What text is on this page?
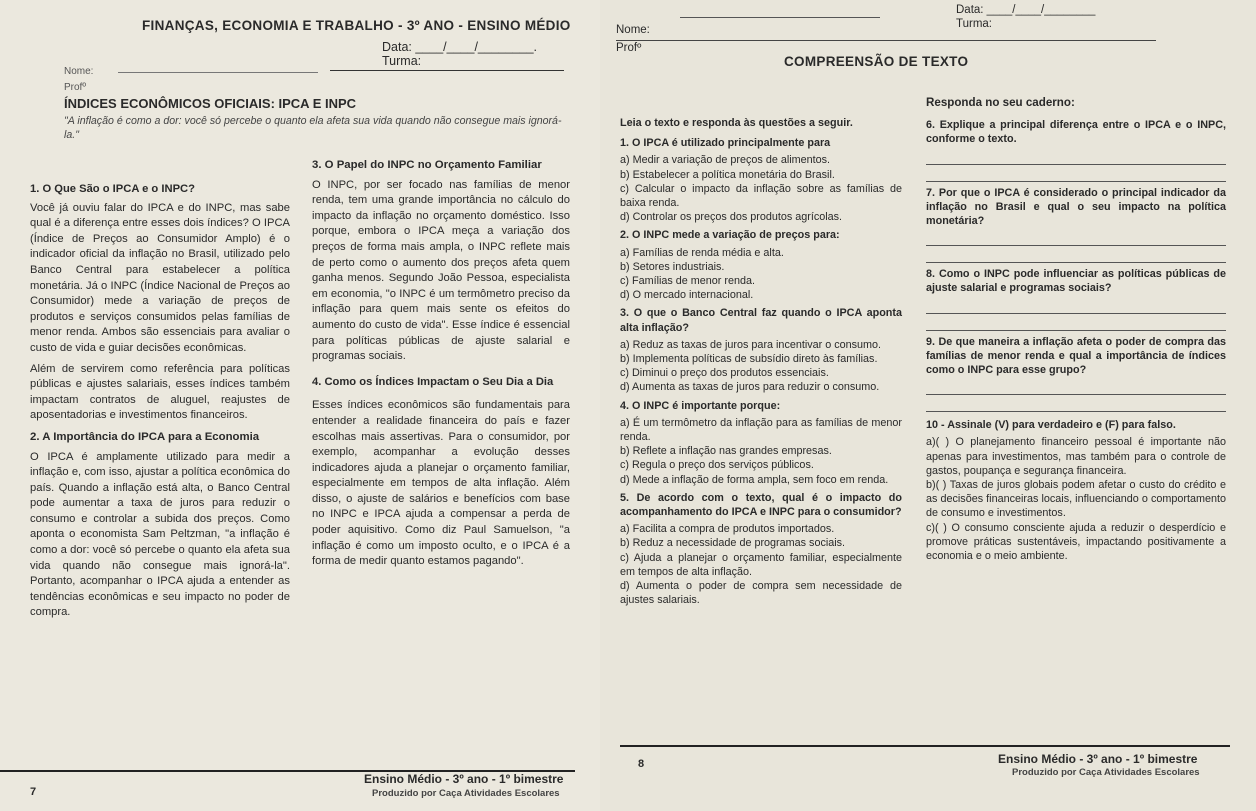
FINANÇAS, ECONOMIA E TRABALHO - 3º ANO - ENSINO MÉDIO
Data: ____/____/________.
Turma:
Nome:
Profº
ÍNDICES ECONÔMICOS OFICIAIS: IPCA E INPC
"A inflação é como a dor: você só percebe o quanto ela afeta sua vida quando não consegue mais ignorá-la."
1. O Que São o IPCA e o INPC?

Você já ouviu falar do IPCA e do INPC, mas sabe qual é a diferença entre esses dois índices? O IPCA (Índice de Preços ao Consumidor Amplo) é o indicador oficial da inflação no Brasil, utilizado pelo Banco Central para estabelecer a política monetária. Já o INPC (Índice Nacional de Preços ao Consumidor) mede a variação de preços de produtos e serviços consumidos pelas famílias de menor renda. Ambos são essenciais para avaliar o custo de vida e guiar decisões econômicas.

Além de servirem como referência para políticas públicas e ajustes salariais, esses índices também impactam contratos de aluguel, reajustes de aposentadorias e investimentos financeiros.

2. A Importância do IPCA para a Economia

O IPCA é amplamente utilizado para medir a inflação e, com isso, ajustar a política econômica do país. Quando a inflação está alta, o Banco Central pode aumentar a taxa de juros para reduzir o consumo e controlar a subida dos preços. Como aponta o economista Sam Peltzman, "a inflação é como a dor: você só percebe o quanto ela afeta sua vida quando não consegue mais ignorá-la". Portanto, acompanhar o IPCA ajuda a entender as tendências econômicas e seu impacto no poder de compra.

3. O Papel do INPC no Orçamento Familiar

O INPC, por ser focado nas famílias de menor renda, tem uma grande importância no cálculo do impacto da inflação no orçamento doméstico. Isso porque, embora o IPCA meça a variação dos preços de forma mais ampla, o INPC reflete mais de perto como o aumento dos preços afeta quem ganha menos. Segundo João Pessoa, especialista em economia, "o INPC é um termômetro preciso da inflação para quem mais sente os efeitos do aumento do custo de vida". Esse índice é essencial para políticas públicas de ajuste salarial e programas sociais.

4. Como os Índices Impactam o Seu Dia a Dia

Esses índices econômicos são fundamentais para entender a realidade financeira do país e fazer escolhas mais assertivas. Para o consumidor, por exemplo, acompanhar a evolução desses indicadores ajuda a planejar o orçamento familiar, especialmente em tempos de alta inflação. Além disso, o ajuste de salários e benefícios com base no INPC e IPCA ajuda a compensar a perda de poder aquisitivo. Como diz Paul Samuelson, "a inflação é como um imposto oculto, e o IPCA é a forma de medir quanto estamos pagando".

7
Ensino Médio - 3º ano - 1º bimestre
Produzido por Caça Atividades Escolares
Data: ____/____/________
Nome:	Turma:
Profº
COMPREENSÃO DE TEXTO
Leia o texto e responda às questões a seguir.
1. O IPCA é utilizado principalmente para
a) Medir a variação de preços de alimentos.
b) Estabelecer a política monetária do Brasil.
c) Calcular o impacto da inflação sobre as famílias de baixa renda.
d) Controlar os preços dos produtos agrícolas.
2. O INPC mede a variação de preços para:
a) Famílias de renda média e alta.
b) Setores industriais.
c) Famílias de menor renda.
d) O mercado internacional.
3. O que o Banco Central faz quando o IPCA aponta alta inflação?
a) Reduz as taxas de juros para incentivar o consumo.
b) Implementa políticas de subsídio direto às famílias.
c) Diminui o preço dos produtos essenciais.
d) Aumenta as taxas de juros para reduzir o consumo.
4. O INPC é importante porque:
a) É um termômetro da inflação para as famílias de menor renda.
b) Reflete a inflação nas grandes empresas.
c) Regula o preço dos serviços públicos.
d) Mede a inflação de forma ampla, sem foco em renda.
5. De acordo com o texto, qual é o impacto do acompanhamento do IPCA e INPC para o consumidor?
a) Facilita a compra de produtos importados.
b) Reduz a necessidade de programas sociais.
c) Ajuda a planejar o orçamento familiar, especialmente em tempos de alta inflação.
d) Aumenta o poder de compra sem necessidade de ajustes salariais.
Responda no seu caderno:
6. Explique a principal diferença entre o IPCA e o INPC, conforme o texto.
7. Por que o IPCA é considerado o principal indicador da inflação no Brasil e qual o seu impacto na política monetária?
8. Como o INPC pode influenciar as políticas públicas de ajuste salarial e programas sociais?
9. De que maneira a inflação afeta o poder de compra das famílias de menor renda e qual a importância de índices como o INPC para esse grupo?
10 - Assinale (V) para verdadeiro e (F) para falso.
a)( ) O planejamento financeiro pessoal é importante não apenas para investimentos, mas também para o controle de gastos, poupança e segurança financeira.
b)( ) Taxas de juros globais podem afetar o custo do crédito e as decisões financeiras locais, influenciando o comportamento de consumo e investimentos.
c)( ) O consumo consciente ajuda a reduzir o desperdício e promove práticas sustentáveis, impactando positivamente a economia e o meio ambiente.
8	Ensino Médio - 3º ano - 1º bimestre
Produzido por Caça Atividades Escolares
